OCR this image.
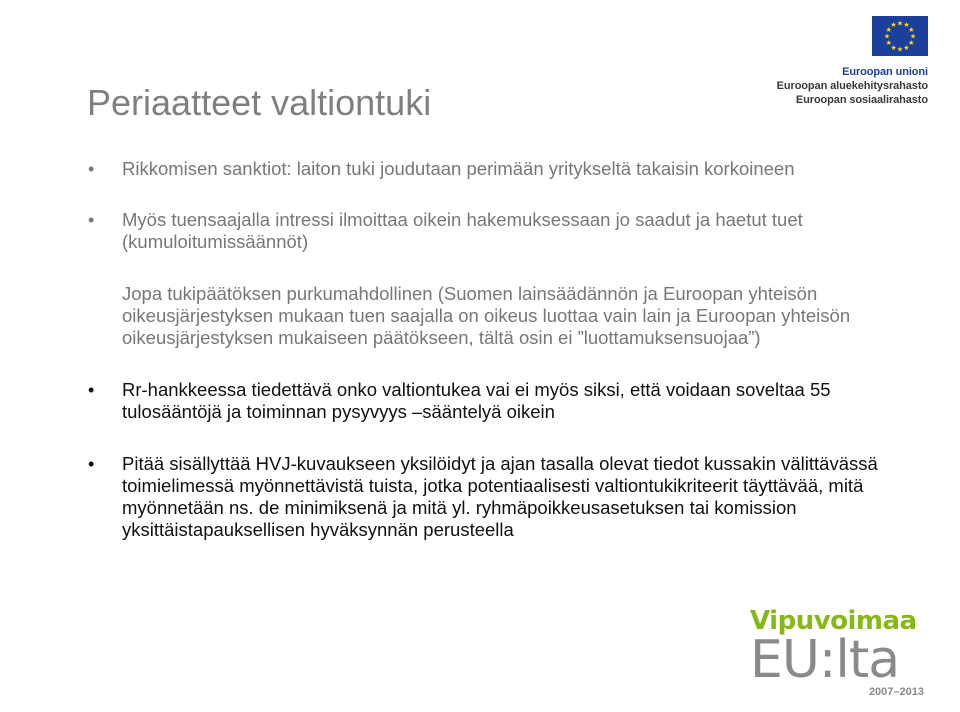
★ ★
★
★
★
★
★
★
★
★
★
★
Euroopan unioni
Euroopan aluekehitysrahasto
Euroopan sosiaalirahasto
Periaatteet valtiontuki
• Rikkomisen sanktiot: laiton tuki joudutaan perimään yritykseltä takaisin korkoineen
• Myös tuensaajalla intressi ilmoittaa oikein hakemuksessaan jo saadut ja haetut tuet (kumuloitumissäännöt)
Jopa tukipäätöksen purkumahdollinen (Suomen lainsäädännön ja Euroopan yhteisön oikeusjärjestyksen mukaan tuen saajalla on oikeus luottaa vain lain ja Euroopan yhteisön oikeusjärjestyksen mukaiseen päätökseen, tältä osin ei ”luottamuksensuojaa”)
• Rr-hankkeessa tiedettävä onko valtiontukea vai ei myös siksi, että voidaan soveltaa 55 tulosääntöjä ja toiminnan pysyvyys –sääntelyä oikein
• Pitää sisällyttää HVJ-kuvaukseen yksilöidyt ja ajan tasalla olevat tiedot kussakin välittävässä toimielimessä myönnettävistä tuista, jotka potentiaalisesti valtiontukikriteerit täyttävää, mitä myönnetään ns. de minimiksenä ja mitä yl. ryhmäpoikkeusasetuksen tai komission yksittäistapauksellisen hyväksynnän perusteella
Vipuvoimaa
EU:lta
2007–2013
